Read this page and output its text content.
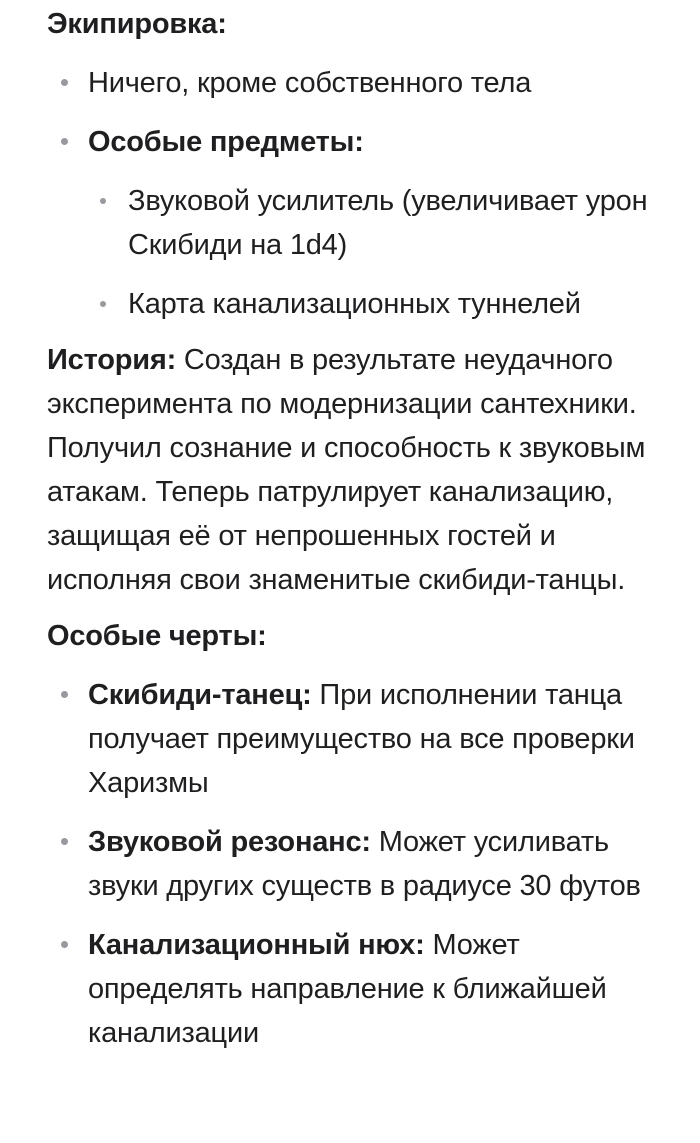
Экипировка:
Ничего, кроме собственного тела
Особые предметы:
Звуковой усилитель (увеличивает урон Скибиди на 1d4)
Карта канализационных туннелей

История: Создан в результате неудачного эксперимента по модернизации сантехники. Получил сознание и способность к звуковым атакам. Теперь патрулирует канализацию, защищая её от непрошенных гостей и исполняя свои знаменитые скибиди-танцы.

Особые черты:
Скибиди-танец: При исполнении танца получает преимущество на все проверки Харизмы
Звуковой резонанс: Может усиливать звуки других существ в радиусе 30 футов
Канализационный нюх: Может определять направление к ближайшей канализации
